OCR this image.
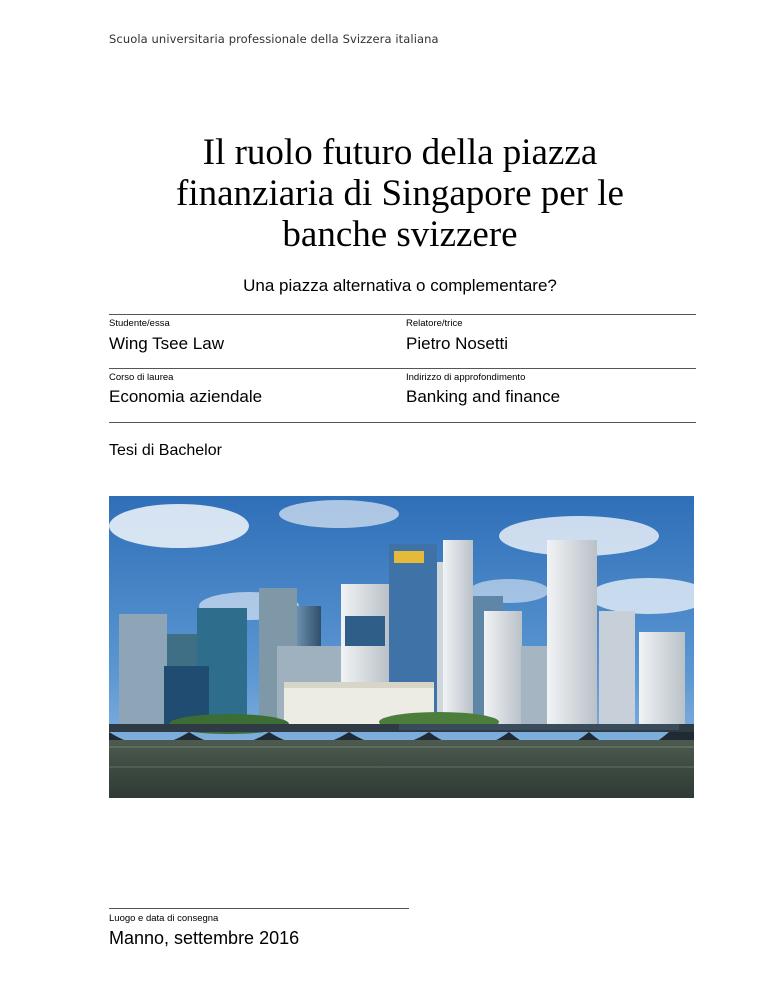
Scuola universitaria professionale della Svizzera italiana
Il ruolo futuro della piazza
finanziaria di Singapore per le
banche svizzere
Una piazza alternativa o complementare?
Studente/essa
Wing Tsee Law
Relatore/trice
Pietro Nosetti
Corso di laurea
Economia aziendale
Indirizzo di approfondimento
Banking and finance
Tesi di Bachelor
Luogo e data di consegna
Manno, settembre 2016
